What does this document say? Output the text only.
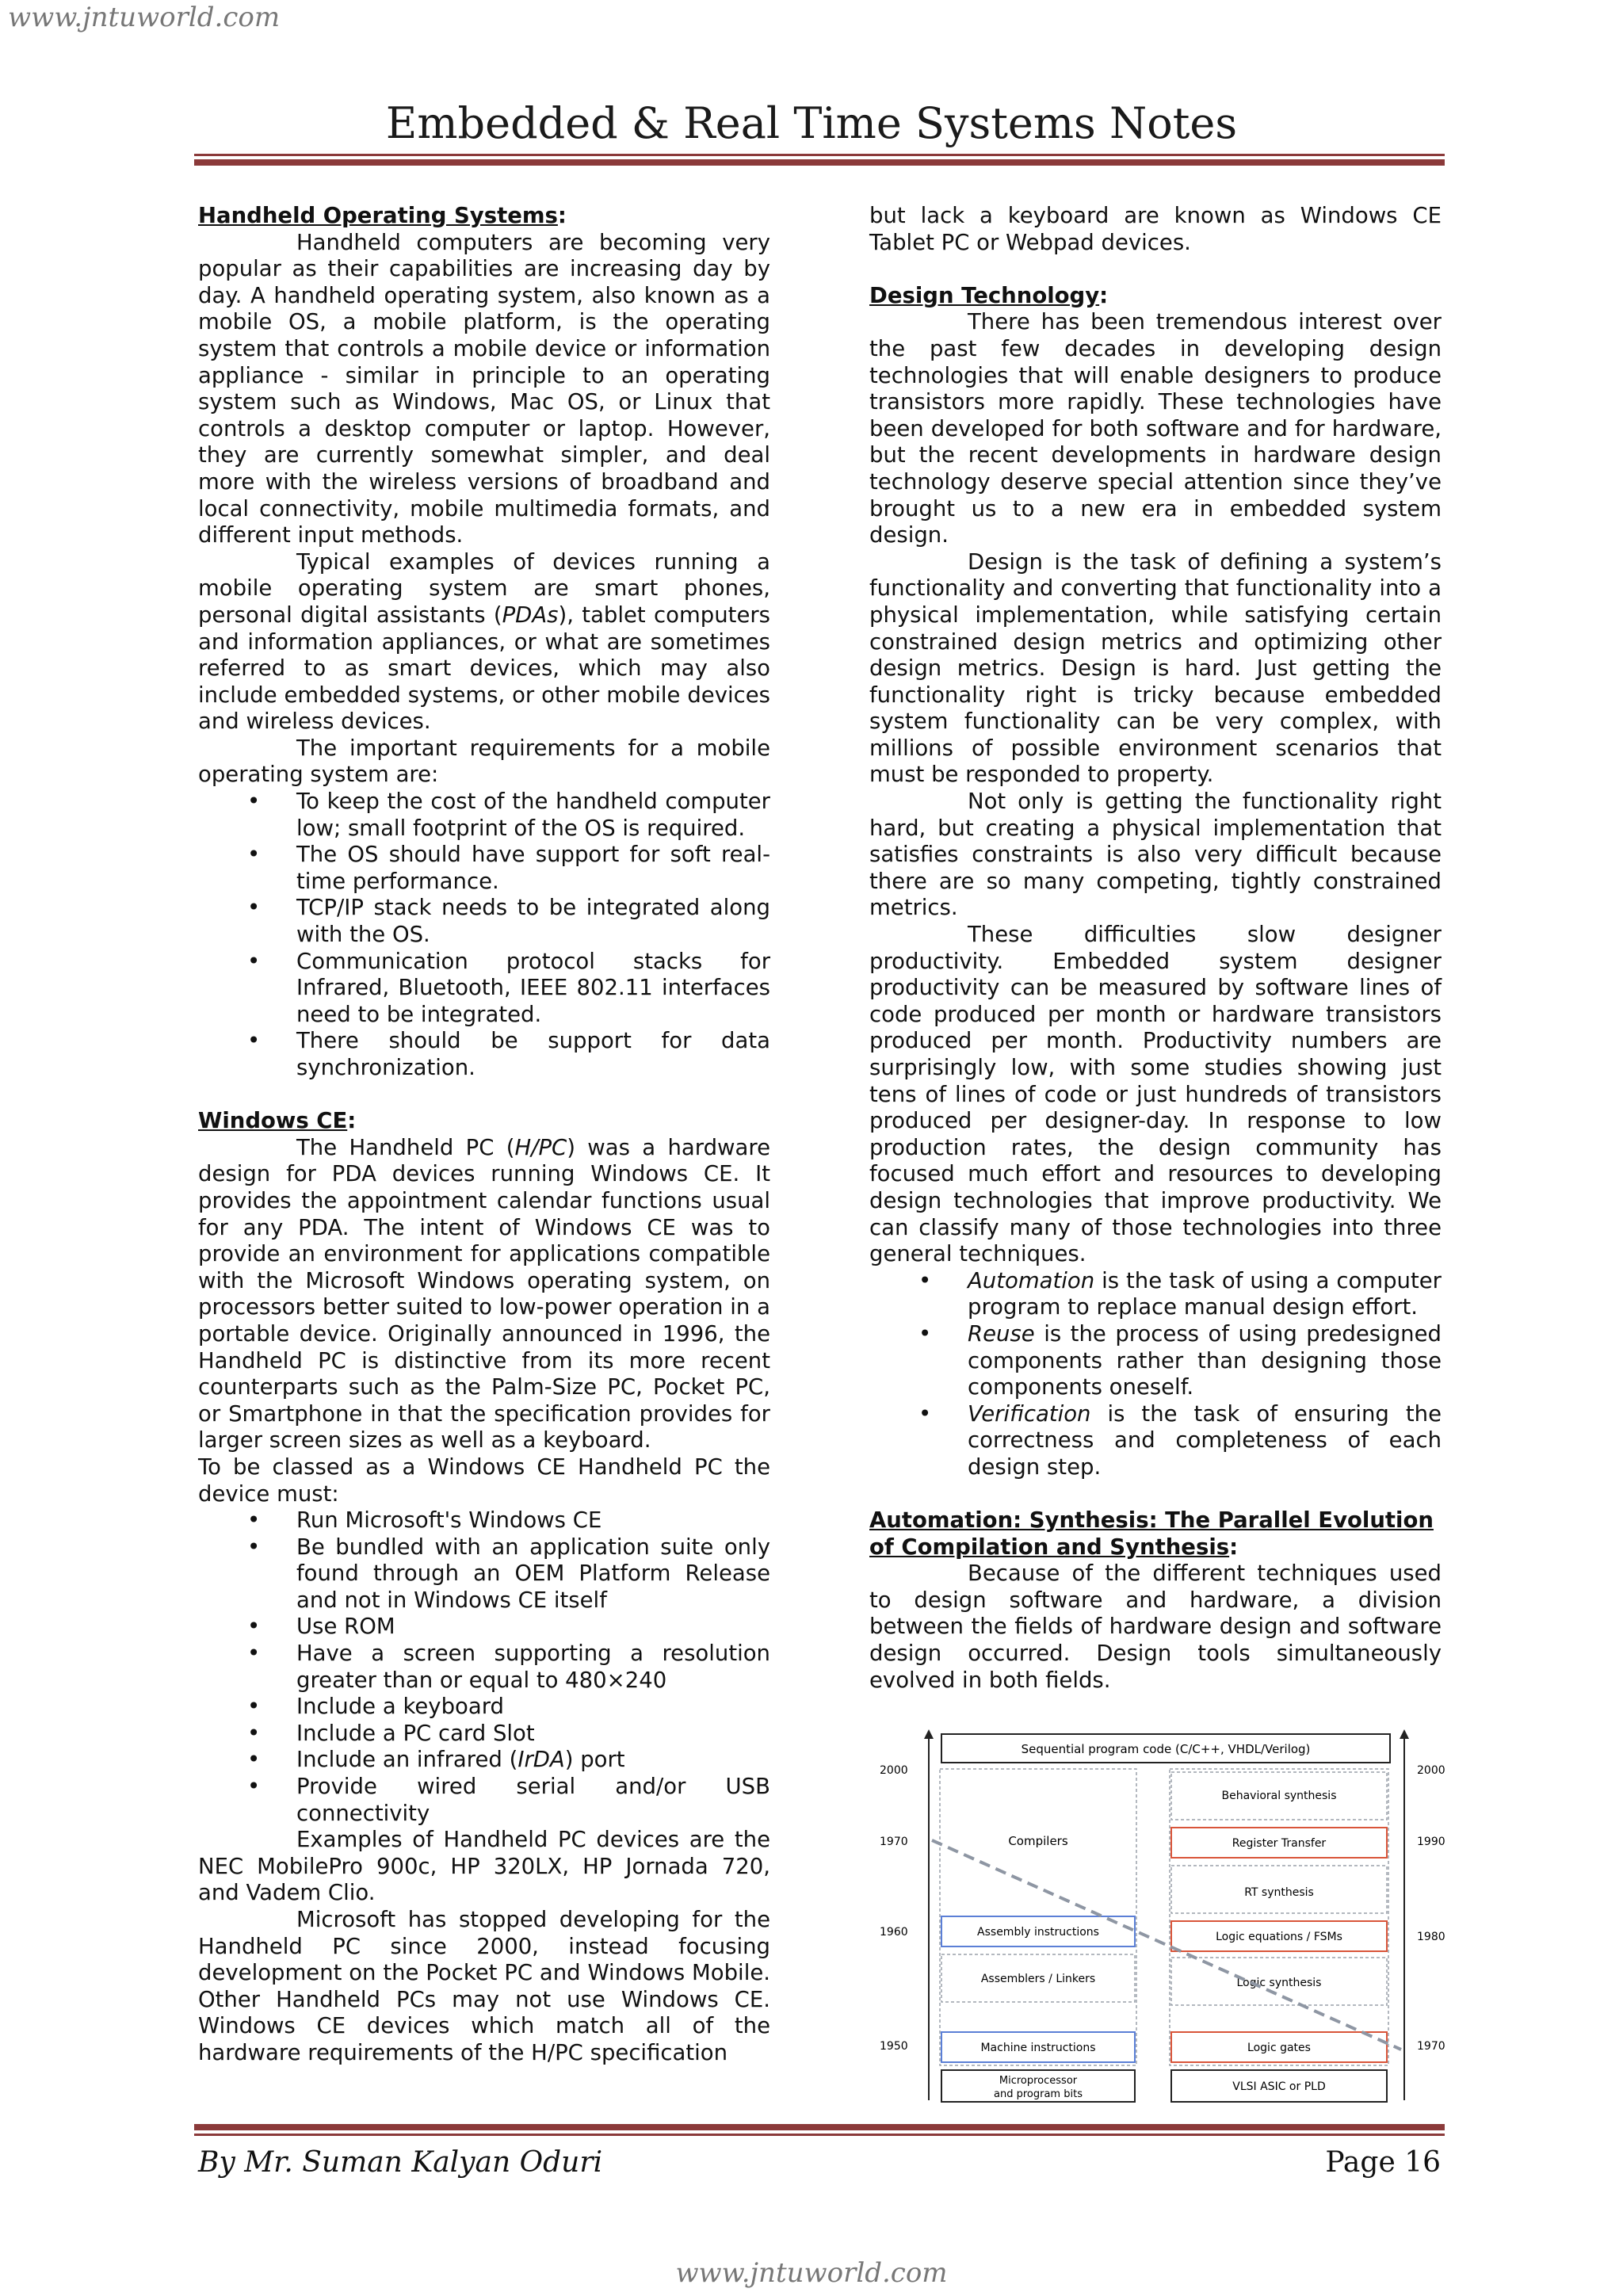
www.jntuworld.com
Embedded & Real Time Systems Notes
Handheld Operating Systems:

Handheld computers are becoming very popular as their capabilities are increasing day by day. A handheld operating system, also known as a mobile OS, a mobile platform, is the operating system that controls a mobile device or information appliance - similar in principle to an operating system such as Windows, Mac OS, or Linux that controls a desktop computer or laptop. However, they are currently somewhat simpler, and deal more with the wireless versions of broadband and local connectivity, mobile multimedia formats, and different input methods.

Typical examples of devices running a mobile operating system are smart phones, personal digital assistants (PDAs), tablet computers and information appliances, or what are sometimes referred to as smart devices, which may also include embedded systems, or other mobile devices and wireless devices.

The important requirements for a mobile operating system are:

• To keep the cost of the handheld computer low; small footprint of the OS is required.
• The OS should have support for soft real-time performance.
• TCP/IP stack needs to be integrated along with the OS.
• Communication protocol stacks for Infrared, Bluetooth, IEEE 802.11 interfaces need to be integrated.
• There should be support for data synchronization.
Windows CE:

The Handheld PC (H/PC) was a hardware design for PDA devices running Windows CE. It provides the appointment calendar functions usual for any PDA. The intent of Windows CE was to provide an environment for applications compatible with the Microsoft Windows operating system, on processors better suited to low-power operation in a portable device. Originally announced in 1996, the Handheld PC is distinctive from its more recent counterparts such as the Palm-Size PC, Pocket PC, or Smartphone in that the specification provides for larger screen sizes as well as a keyboard.

To be classed as a Windows CE Handheld PC the device must:

• Run Microsoft's Windows CE
• Be bundled with an application suite only found through an OEM Platform Release and not in Windows CE itself
• Use ROM
• Have a screen supporting a resolution greater than or equal to 480×240
• Include a keyboard
• Include a PC card Slot
• Include an infrared (IrDA) port
• Provide wired serial and/or USB connectivity

Examples of Handheld PC devices are the NEC MobilePro 900c, HP 320LX, HP Jornada 720, and Vadem Clio.

Microsoft has stopped developing for the Handheld PC since 2000, instead focusing development on the Pocket PC and Windows Mobile. Other Handheld PCs may not use Windows CE. Windows CE devices which match all of the hardware requirements of the H/PC specification

but lack a keyboard are known as Windows CE Tablet PC or Webpad devices.

Design Technology:

There has been tremendous interest over the past few decades in developing design technologies that will enable designers to produce transistors more rapidly. These technologies have been developed for both software and for hardware, but the recent developments in hardware design technology deserve special attention since they’ve brought us to a new era in embedded system design.

Design is the task of defining a system’s functionality and converting that functionality into a physical implementation, while satisfying certain constrained design metrics and optimizing other design metrics. Design is hard. Just getting the functionality right is tricky because embedded system functionality can be very complex, with millions of possible environment scenarios that must be responded to property.

Not only is getting the functionality right hard, but creating a physical implementation that satisfies constraints is also very difficult because there are so many competing, tightly constrained metrics.

These difficulties slow designer productivity. Embedded system designer productivity can be measured by software lines of code produced per month or hardware transistors produced per month. Productivity numbers are surprisingly low, with some studies showing just tens of lines of code or just hundreds of transistors produced per designer-day. In response to low production rates, the design community has focused much effort and resources to developing design technologies that improve productivity. We can classify many of those technologies into three general techniques.

• Automation is the task of using a computer program to replace manual design effort.
• Reuse is the process of using predesigned components rather than designing those components oneself.
• Verification is the task of ensuring the correctness and completeness of each design step.
Automation: Synthesis: The Parallel Evolution of Compilation and Synthesis:

Because of the different techniques used to design software and hardware, a division between the fields of hardware design and software design occurred. Design tools simultaneously evolved in both fields.

Sequential program code (C/C++, VHDL/Verilog)
2000
1970
1960
1950
2000
1990
1980
1970
Compilers
Assembly instructions
Assemblers / Linkers
Machine instructions
Microprocessor
and program bits
Behavioral synthesis
Register Transfer
RT synthesis
Logic equations / FSMs
Logic synthesis
Logic gates
VLSI ASIC or PLD
By Mr. Suman Kalyan Oduri	Page 16
www.jntuworld.com
